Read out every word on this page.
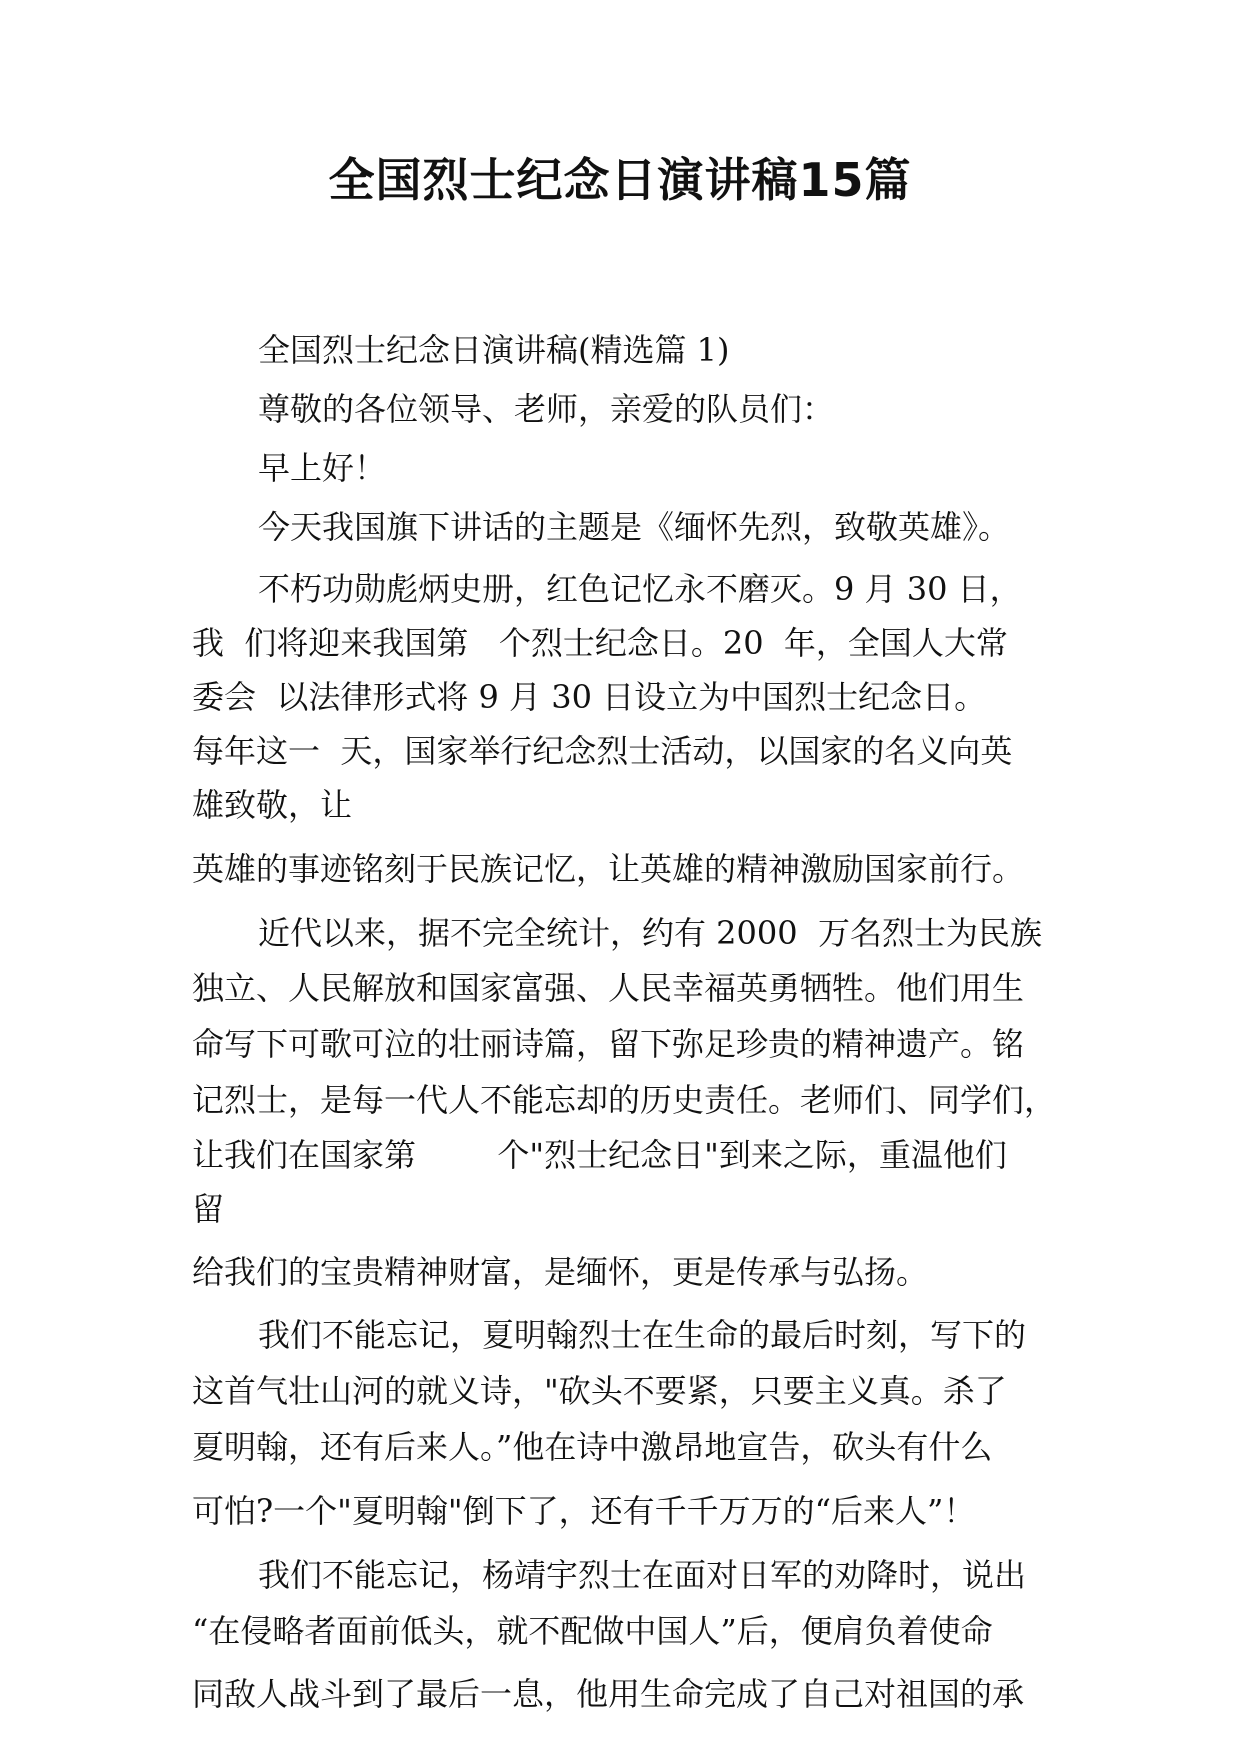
全国烈士纪念日演讲稿15篇
全国烈士纪念日演讲稿(精选篇 1)
尊敬的各位领导、老师，亲爱的队员们：
早上好！
今天我国旗下讲话的主题是《缅怀先烈，致敬英雄》。
不朽功勋彪炳史册，红色记忆永不磨灭。9 月 30 日，
我  们将迎来我国第   个烈士纪念日。20  年，全国人大常
委会  以法律形式将 9 月 30 日设立为中国烈士纪念日。
每年这一  天，国家举行纪念烈士活动，以国家的名义向英
雄致敬，让
英雄的事迹铭刻于民族记忆，让英雄的精神激励国家前行。
近代以来，据不完全统计，约有 2000  万名烈士为民族
独立、人民解放和国家富强、人民幸福英勇牺牲。他们用生
命写下可歌可泣的壮丽诗篇，留下弥足珍贵的精神遗产。铭
记烈士，是每一代人不能忘却的历史责任。老师们、同学们，
让我们在国家第        个"烈士纪念日"到来之际，重温他们
留
给我们的宝贵精神财富，是缅怀，更是传承与弘扬。
我们不能忘记，夏明翰烈士在生命的最后时刻，写下的
这首气壮山河的就义诗，"砍头不要紧，只要主义真。杀了
夏明翰，还有后来人。”他在诗中激昂地宣告，砍头有什么
可怕?一个"夏明翰"倒下了，还有千千万万的“后来人”！
我们不能忘记，杨靖宇烈士在面对日军的劝降时，说出
“在侵略者面前低头，就不配做中国人”后，便肩负着使命
同敌人战斗到了最后一息，他用生命完成了自己对祖国的承
